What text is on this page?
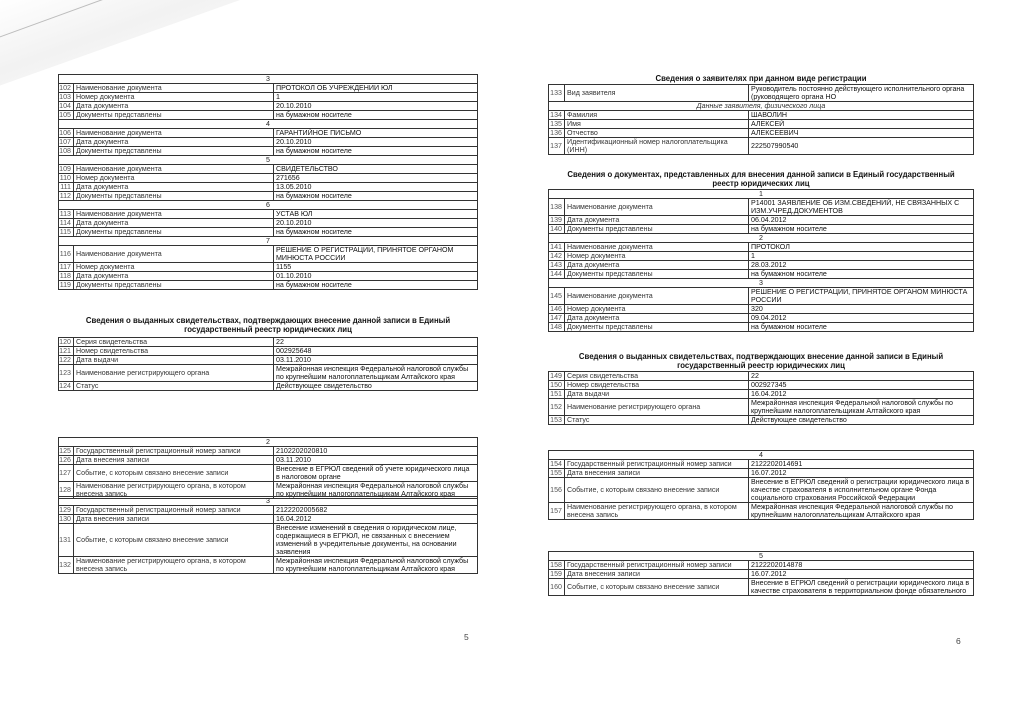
3		
102	Наименование документа	ПРОТОКОЛ ОБ УЧРЕЖДЕНИИ ЮЛ
103	Номер документа	1
104	Дата документа	20.10.2010
105	Документы представлены	на бумажном носителе
4		
106	Наименование документа	ГАРАНТИЙНОЕ ПИСЬМО
107	Дата документа	20.10.2010
108	Документы представлены	на бумажном носителе
5		
109	Наименование документа	СВИДЕТЕЛЬСТВО
110	Номер документа	271656
111	Дата документа	13.05.2010
112	Документы представлены	на бумажном носителе
6		
113	Наименование документа	УСТАВ ЮЛ
114	Дата документа	20.10.2010
115	Документы представлены	на бумажном носителе
7		
116	Наименование документа	РЕШЕНИЕ О РЕГИСТРАЦИИ, ПРИНЯТОЕ ОРГАНОМ МИНЮСТА РОССИИ
117	Номер документа	1155
118	Дата документа	01.10.2010
119	Документы представлены	на бумажном носителе
Сведения о выданных свидетельствах, подтверждающих внесение данной записи в Единый государственный реестр юридических лиц
120	Серия свидетельства	22
121	Номер свидетельства	002925648
122	Дата выдачи	03.11.2010
123	Наименование регистрирующего органа	Межрайонная инспекция Федеральной налоговой службы по крупнейшим налогоплательщикам Алтайского края
124	Статус	Действующее свидетельство
2		
125	Государственный регистрационный номер записи	2102202020810
126	Дата внесения записи	03.11.2010
127	Событие, с которым связано внесение записи	Внесение в ЕГРЮЛ сведений об учете юридического лица в налоговом органе
128	Наименование регистрирующего органа, в котором внесена запись	Межрайонная инспекция Федеральной налоговой службы по крупнейшим налогоплательщикам Алтайского края
3		
129	Государственный регистрационный номер записи	2122202005682
130	Дата внесения записи	16.04.2012
131	Событие, с которым связано внесение записи	Внесение изменений в сведения о юридическом лице, содержащиеся в ЕГРЮЛ, не связанных с внесением изменений в учредительные документы, на основании заявления
132	Наименование регистрирующего органа, в котором внесена запись	Межрайонная инспекция Федеральной налоговой службы по крупнейшим налогоплательщикам Алтайского края
5
Сведения о заявителях при данном виде регистрации
133	Вид заявителя	Руководитель постоянно действующего исполнительного органа (руководящего органа НО
Данные заявителя, физического лица		
134	Фамилия	ШАВОЛИН
135	Имя	АЛЕКСЕЙ
136	Отчество	АЛЕКСЕЕВИЧ
137	Идентификационный номер налогоплательщика (ИНН)	222507990540
Сведения о документах, представленных для внесения данной записи в Единый государственный реестр юридических лиц
1		
138	Наименование документа	Р14001 ЗАЯВЛЕНИЕ ОБ ИЗМ.СВЕДЕНИЙ, НЕ СВЯЗАННЫХ С ИЗМ.УЧРЕД.ДОКУМЕНТОВ
139	Дата документа	06.04.2012
140	Документы представлены	на бумажном носителе
2		
141	Наименование документа	ПРОТОКОЛ
142	Номер документа	1
143	Дата документа	28.03.2012
144	Документы представлены	на бумажном носителе
3		
145	Наименование документа	РЕШЕНИЕ О РЕГИСТРАЦИИ, ПРИНЯТОЕ ОРГАНОМ МИНЮСТА РОССИИ
146	Номер документа	320
147	Дата документа	09.04.2012
148	Документы представлены	на бумажном носителе
Сведения о выданных свидетельствах, подтверждающих внесение данной записи в Единый государственный реестр юридических лиц
149	Серия свидетельства	22
150	Номер свидетельства	002927345
151	Дата выдачи	16.04.2012
152	Наименование регистрирующего органа	Межрайонная инспекция Федеральной налоговой службы по крупнейшим налогоплательщикам Алтайского края
153	Статус	Действующее свидетельство
4		
154	Государственный регистрационный номер записи	2122202014691
155	Дата внесения записи	16.07.2012
156	Событие, с которым связано внесение записи	Внесение в ЕГРЮЛ сведений о регистрации юридического лица в качестве страхователя в исполнительном органе Фонда социального страхования Российской Федерации
157	Наименование регистрирующего органа, в котором внесена запись	Межрайонная инспекция Федеральной налоговой службы по крупнейшим налогоплательщикам Алтайского края
5		
158	Государственный регистрационный номер записи	2122202014878
159	Дата внесения записи	16.07.2012
160	Событие, с которым связано внесение записи	Внесение в ЕГРЮЛ сведений о регистрации юридического лица в качестве страхователя в территориальном фонде обязательного
6
